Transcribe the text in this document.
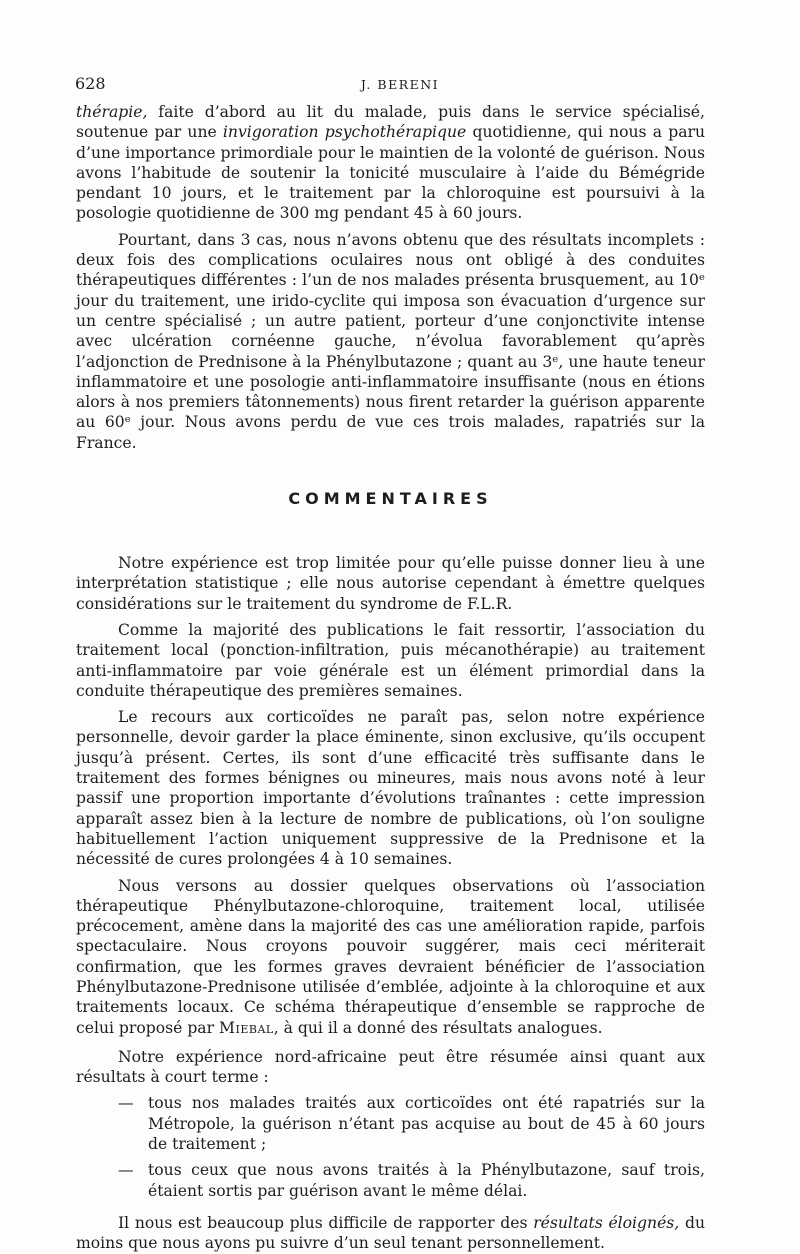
628	J. BERENI

thérapie, faite d’abord au lit du malade, puis dans le service spécialisé, soutenue par une invigoration psychothérapique quotidienne, qui nous a paru d’une importance primordiale pour le maintien de la volonté de guérison. Nous avons l’habitude de soutenir la tonicité musculaire à l’aide du Bémégride pendant 10 jours, et le traitement par la chloroquine est poursuivi à la posologie quotidienne de 300 mg pendant 45 à 60 jours.

Pourtant, dans 3 cas, nous n’avons obtenu que des résultats incomplets : deux fois des complications oculaires nous ont obligé à des conduites thérapeutiques différentes : l’un de nos malades présenta brusquement, au 10ᵉ jour du traitement, une irido-cyclite qui imposa son évacuation d’urgence sur un centre spécialisé ; un autre patient, porteur d’une conjonctivite intense avec ulcération cornéenne gauche, n’évolua favorablement qu’après l’adjonction de Prednisone à la Phénylbutazone ; quant au 3ᵉ, une haute teneur inflammatoire et une posologie anti-inflammatoire insuffisante (nous en étions alors à nos premiers tâtonnements) nous firent retarder la guérison apparente au 60ᵉ jour. Nous avons perdu de vue ces trois malades, rapatriés sur la France.

COMMENTAIRES

Notre expérience est trop limitée pour qu’elle puisse donner lieu à une interprétation statistique ; elle nous autorise cependant à émettre quelques considérations sur le traitement du syndrome de F.L.R.

Comme la majorité des publications le fait ressortir, l’association du traitement local (ponction-infiltration, puis mécanothérapie) au traitement anti-inflammatoire par voie générale est un élément primordial dans la conduite thérapeutique des premières semaines.

Le recours aux corticoïdes ne paraît pas, selon notre expérience personnelle, devoir garder la place éminente, sinon exclusive, qu’ils occupent jusqu’à présent. Certes, ils sont d’une efficacité très suffisante dans le traitement des formes bénignes ou mineures, mais nous avons noté à leur passif une proportion importante d’évolutions traînantes : cette impression apparaît assez bien à la lecture de nombre de publications, où l’on souligne habituellement l’action uniquement suppressive de la Prednisone et la nécessité de cures prolongées 4 à 10 semaines.

Nous versons au dossier quelques observations où l’association thérapeutique Phénylbutazone-chloroquine, traitement local, utilisée précocement, amène dans la majorité des cas une amélioration rapide, parfois spectaculaire. Nous croyons pouvoir suggérer, mais ceci mériterait confirmation, que les formes graves devraient bénéficier de l’association Phénylbutazone-Prednisone utilisée d’emblée, adjointe à la chloroquine et aux traitements locaux. Ce schéma thérapeutique d’ensemble se rapproche de celui proposé par Miebal, à qui il a donné des résultats analogues.

Notre expérience nord-africaine peut être résumée ainsi quant aux résultats à court terme :

— tous nos malades traités aux corticoïdes ont été rapatriés sur la Métropole, la guérison n’étant pas acquise au bout de 45 à 60 jours de traitement ;
— tous ceux que nous avons traités à la Phénylbutazone, sauf trois, étaient sortis par guérison avant le même délai.

Il nous est beaucoup plus difficile de rapporter des résultats éloignés, du moins que nous ayons pu suivre d’un seul tenant personnellement.
